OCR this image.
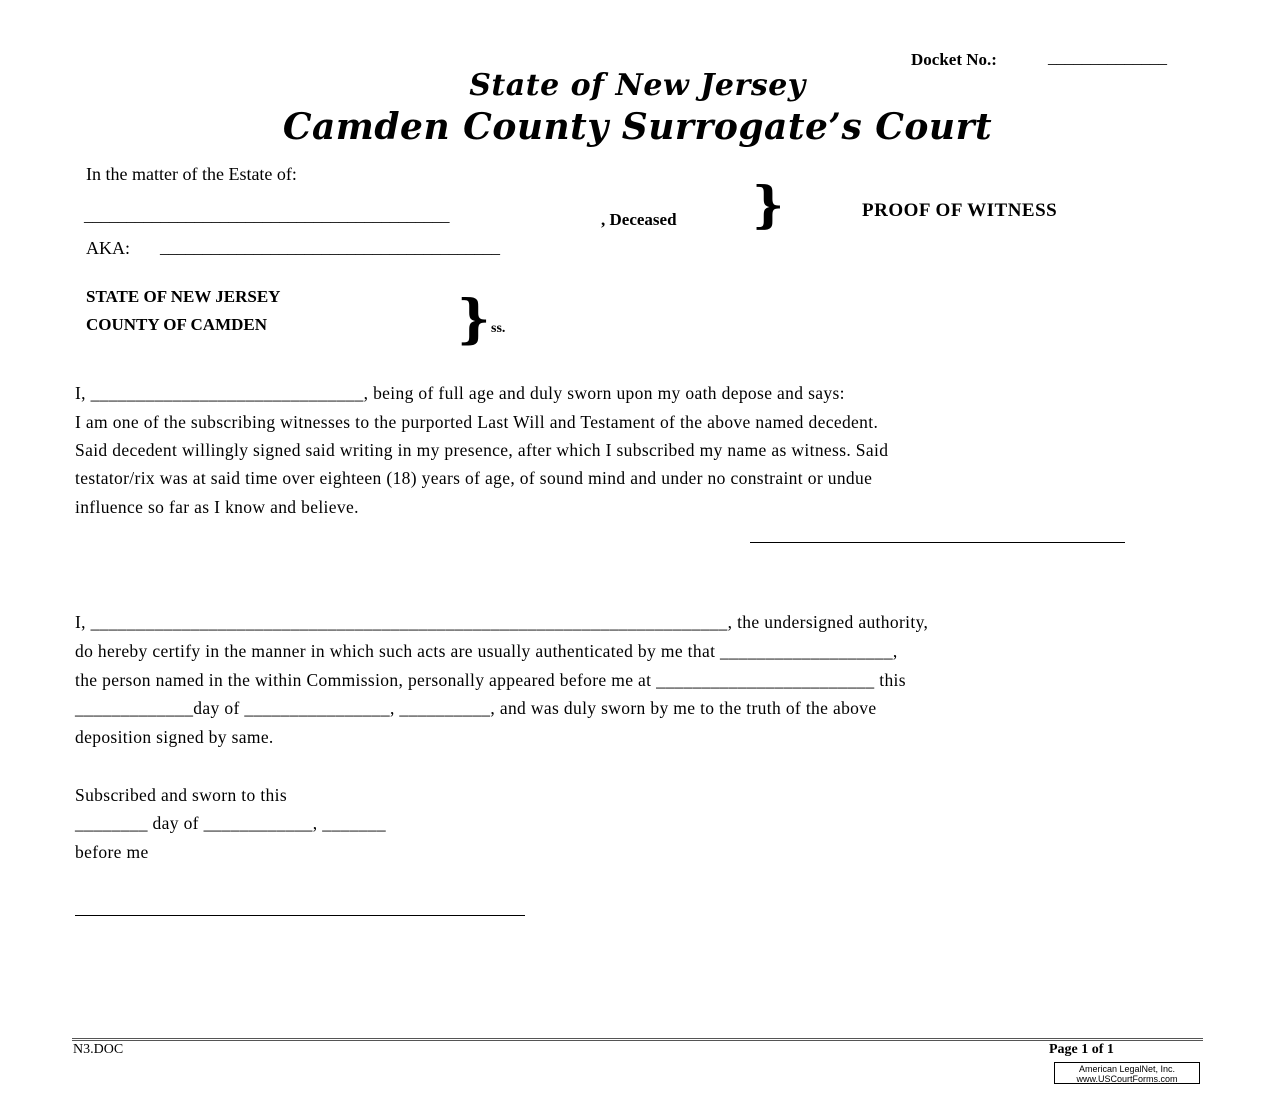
Docket No.:	______________
State of New Jersey
Camden County Surrogate’s Court
In the matter of the Estate of:
___________________________________________	, Deceased
AKA: ________________________________________
}	PROOF OF WITNESS
STATE OF NEW JERSEY
COUNTY OF CAMDEN	} ss.
I, ______________________________, being of full age and duly sworn upon my oath depose and says:
I am one of the subscribing witnesses to the purported Last Will and Testament of the above named decedent.
Said decedent willingly signed said writing in my presence, after which I subscribed my name as witness. Said
testator/rix was at said time over eighteen (18) years of age, of sound mind and under no constraint or undue
influence so far as I know and believe.
I, ______________________________________________________________________, the undersigned authority,
do hereby certify in the manner in which such acts are usually authenticated by me that ___________________,
the person named in the within Commission, personally appeared before me at ________________________ this
_____________day of ________________, __________, and was duly sworn by me to the truth of the above
deposition signed by same.
Subscribed and sworn to this
________ day of ____________, _______
before me
N3.DOC	Page 1 of 1
American LegalNet, Inc.
www.USCourtForms.com
